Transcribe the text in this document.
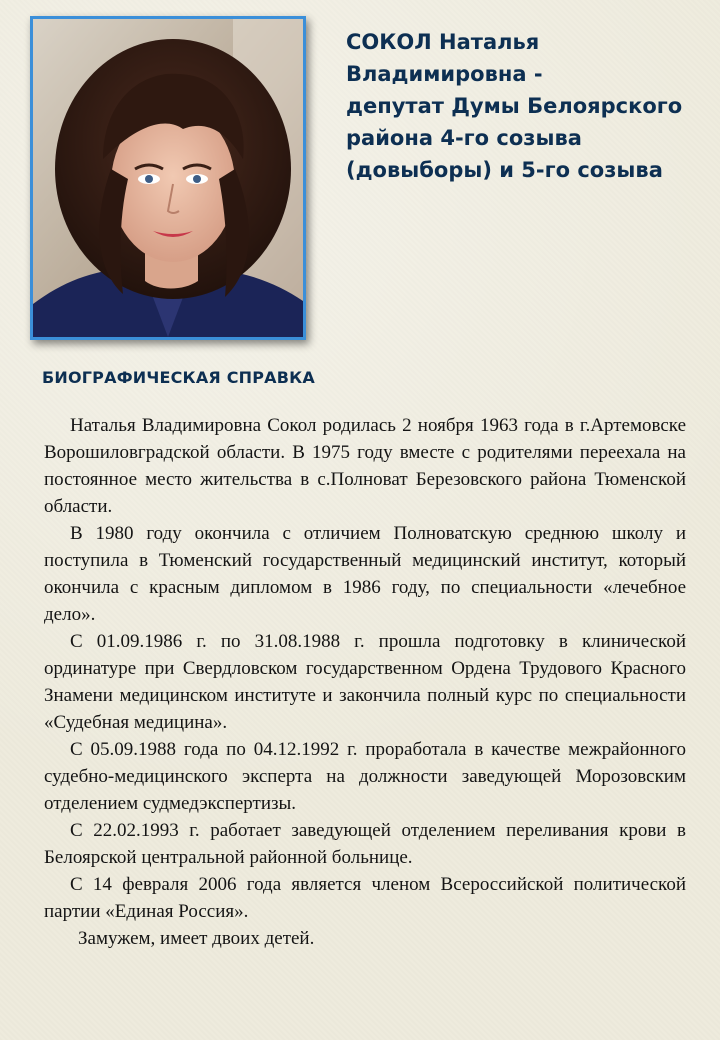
СОКОЛ Наталья
Владимировна -
депутат Думы Белоярского
района 4-го созыва
(довыборы) и 5-го созыва
БИОГРАФИЧЕСКАЯ СПРАВКА

Наталья Владимировна Сокол родилась 2 ноября 1963 года в г.Артемовске Ворошиловградской области. В 1975 году вместе с родителями переехала на постоянное место жительства в с.Полноват Березовского района Тюменской области.

В 1980 году окончила с отличием Полноватскую среднюю школу и поступила в Тюменский государственный медицинский институт, который окончила с красным дипломом в 1986 году, по специальности «лечебное дело».

С 01.09.1986 г. по 31.08.1988 г. прошла подготовку в клинической ординатуре при Свердловском государственном Ордена Трудового Красного Знамени медицинском институте и закончила полный курс по специальности «Судебная медицина».

С 05.09.1988 года по 04.12.1992 г. проработала в качестве межрайонного судебно-медицинского эксперта на должности заведующей Морозовским отделением судмедэкспертизы.

С 22.02.1993 г. работает заведующей отделением переливания крови в Белоярской центральной районной больнице.

С 14 февраля 2006 года является членом Всероссийской политической партии «Единая Россия».

Замужем, имеет двоих детей.
